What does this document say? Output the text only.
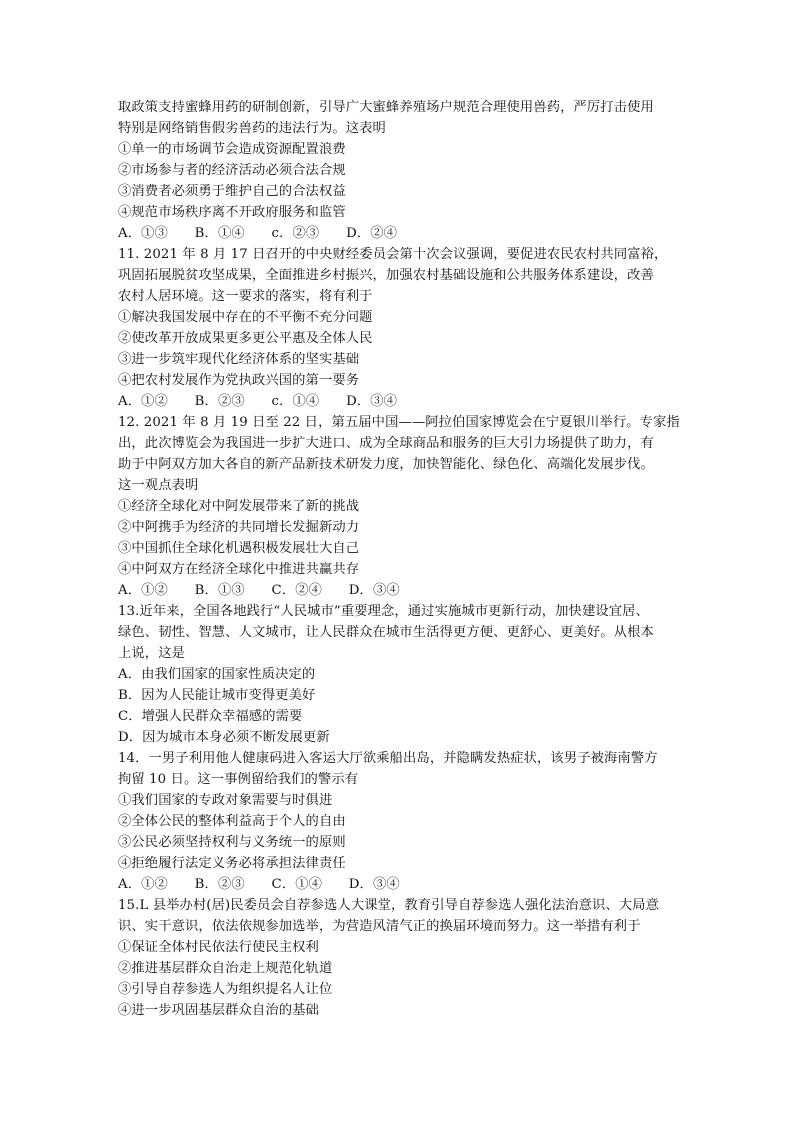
取政策支持蜜蜂用药的研制创新，引导广大蜜蜂养殖场户规范合理使用兽药，严厉打击使用
特别是网络销售假劣兽药的违法行为。这表明
①单一的市场调节会造成资源配置浪费
②市场参与者的经济活动必须合法合规
③消费者必须勇于维护自己的合法权益
④规范市场秩序离不开政府服务和监管
A．①③　　B．①④　　c．②③　　D．②④
11. 2021 年 8 月 17 日召开的中央财经委员会第十次会议强调，要促进农民农村共同富裕，
巩固拓展脱贫攻坚成果，全面推进乡村振兴，加强农村基础设施和公共服务体系建设，改善
农村人居环境。这一要求的落实，将有利于
①解决我国发展中存在的不平衡不充分问题
②使改革开放成果更多更公平惠及全体人民
③进一步筑牢现代化经济体系的坚实基础
④把农村发展作为党执政兴国的第一要务
A．①②　　B．②③　　c．①④　　D．③④
12. 2021 年 8 月 19 日至 22 日，第五届中国——阿拉伯国家博览会在宁夏银川举行。专家指
出，此次博览会为我国进一步扩大进口、成为全球商品和服务的巨大引力场提供了助力，有
助于中阿双方加大各自的新产品新技术研发力度，加快智能化、绿色化、高端化发展步伐。
这一观点表明
①经济全球化对中阿发展带来了新的挑战
②中阿携手为经济的共同增长发掘新动力
③中国抓住全球化机遇积极发展壮大自己
④中阿双方在经济全球化中推进共赢共存
A．①②　　B．①③　　C．②④　　D．③④
13.近年来，全国各地践行“人民城市”重要理念，通过实施城市更新行动，加快建设宜居、
绿色、韧性、智慧、人文城市，让人民群众在城市生活得更方便、更舒心、更美好。从根本
上说，这是
A．由我们国家的国家性质决定的
B．因为人民能让城市变得更美好
C．增强人民群众幸福感的需要
D．因为城市本身必须不断发展更新
14．一男子利用他人健康码进入客运大厅欲乘船出岛，并隐瞒发热症状，该男子被海南警方
拘留 10 日。这一事例留给我们的警示有
①我们国家的专政对象需要与时俱进
②全体公民的整体利益高于个人的自由
③公民必须坚持权利与义务统一的原则
④拒绝履行法定义务必将承担法律责任
A．①②　　B．②③　　C．①④　　D．③④
15.L 县举办村(居)民委员会自荐参选人大课堂，教育引导自荐参选人强化法治意识、大局意
识、实干意识，依法依规参加选举，为营造风清气正的换届环境而努力。这一举措有利于
①保证全体村民依法行使民主权利
②推进基层群众自治走上规范化轨道
③引导自荐参选人为组织提名人让位
④进一步巩固基层群众自治的基础
